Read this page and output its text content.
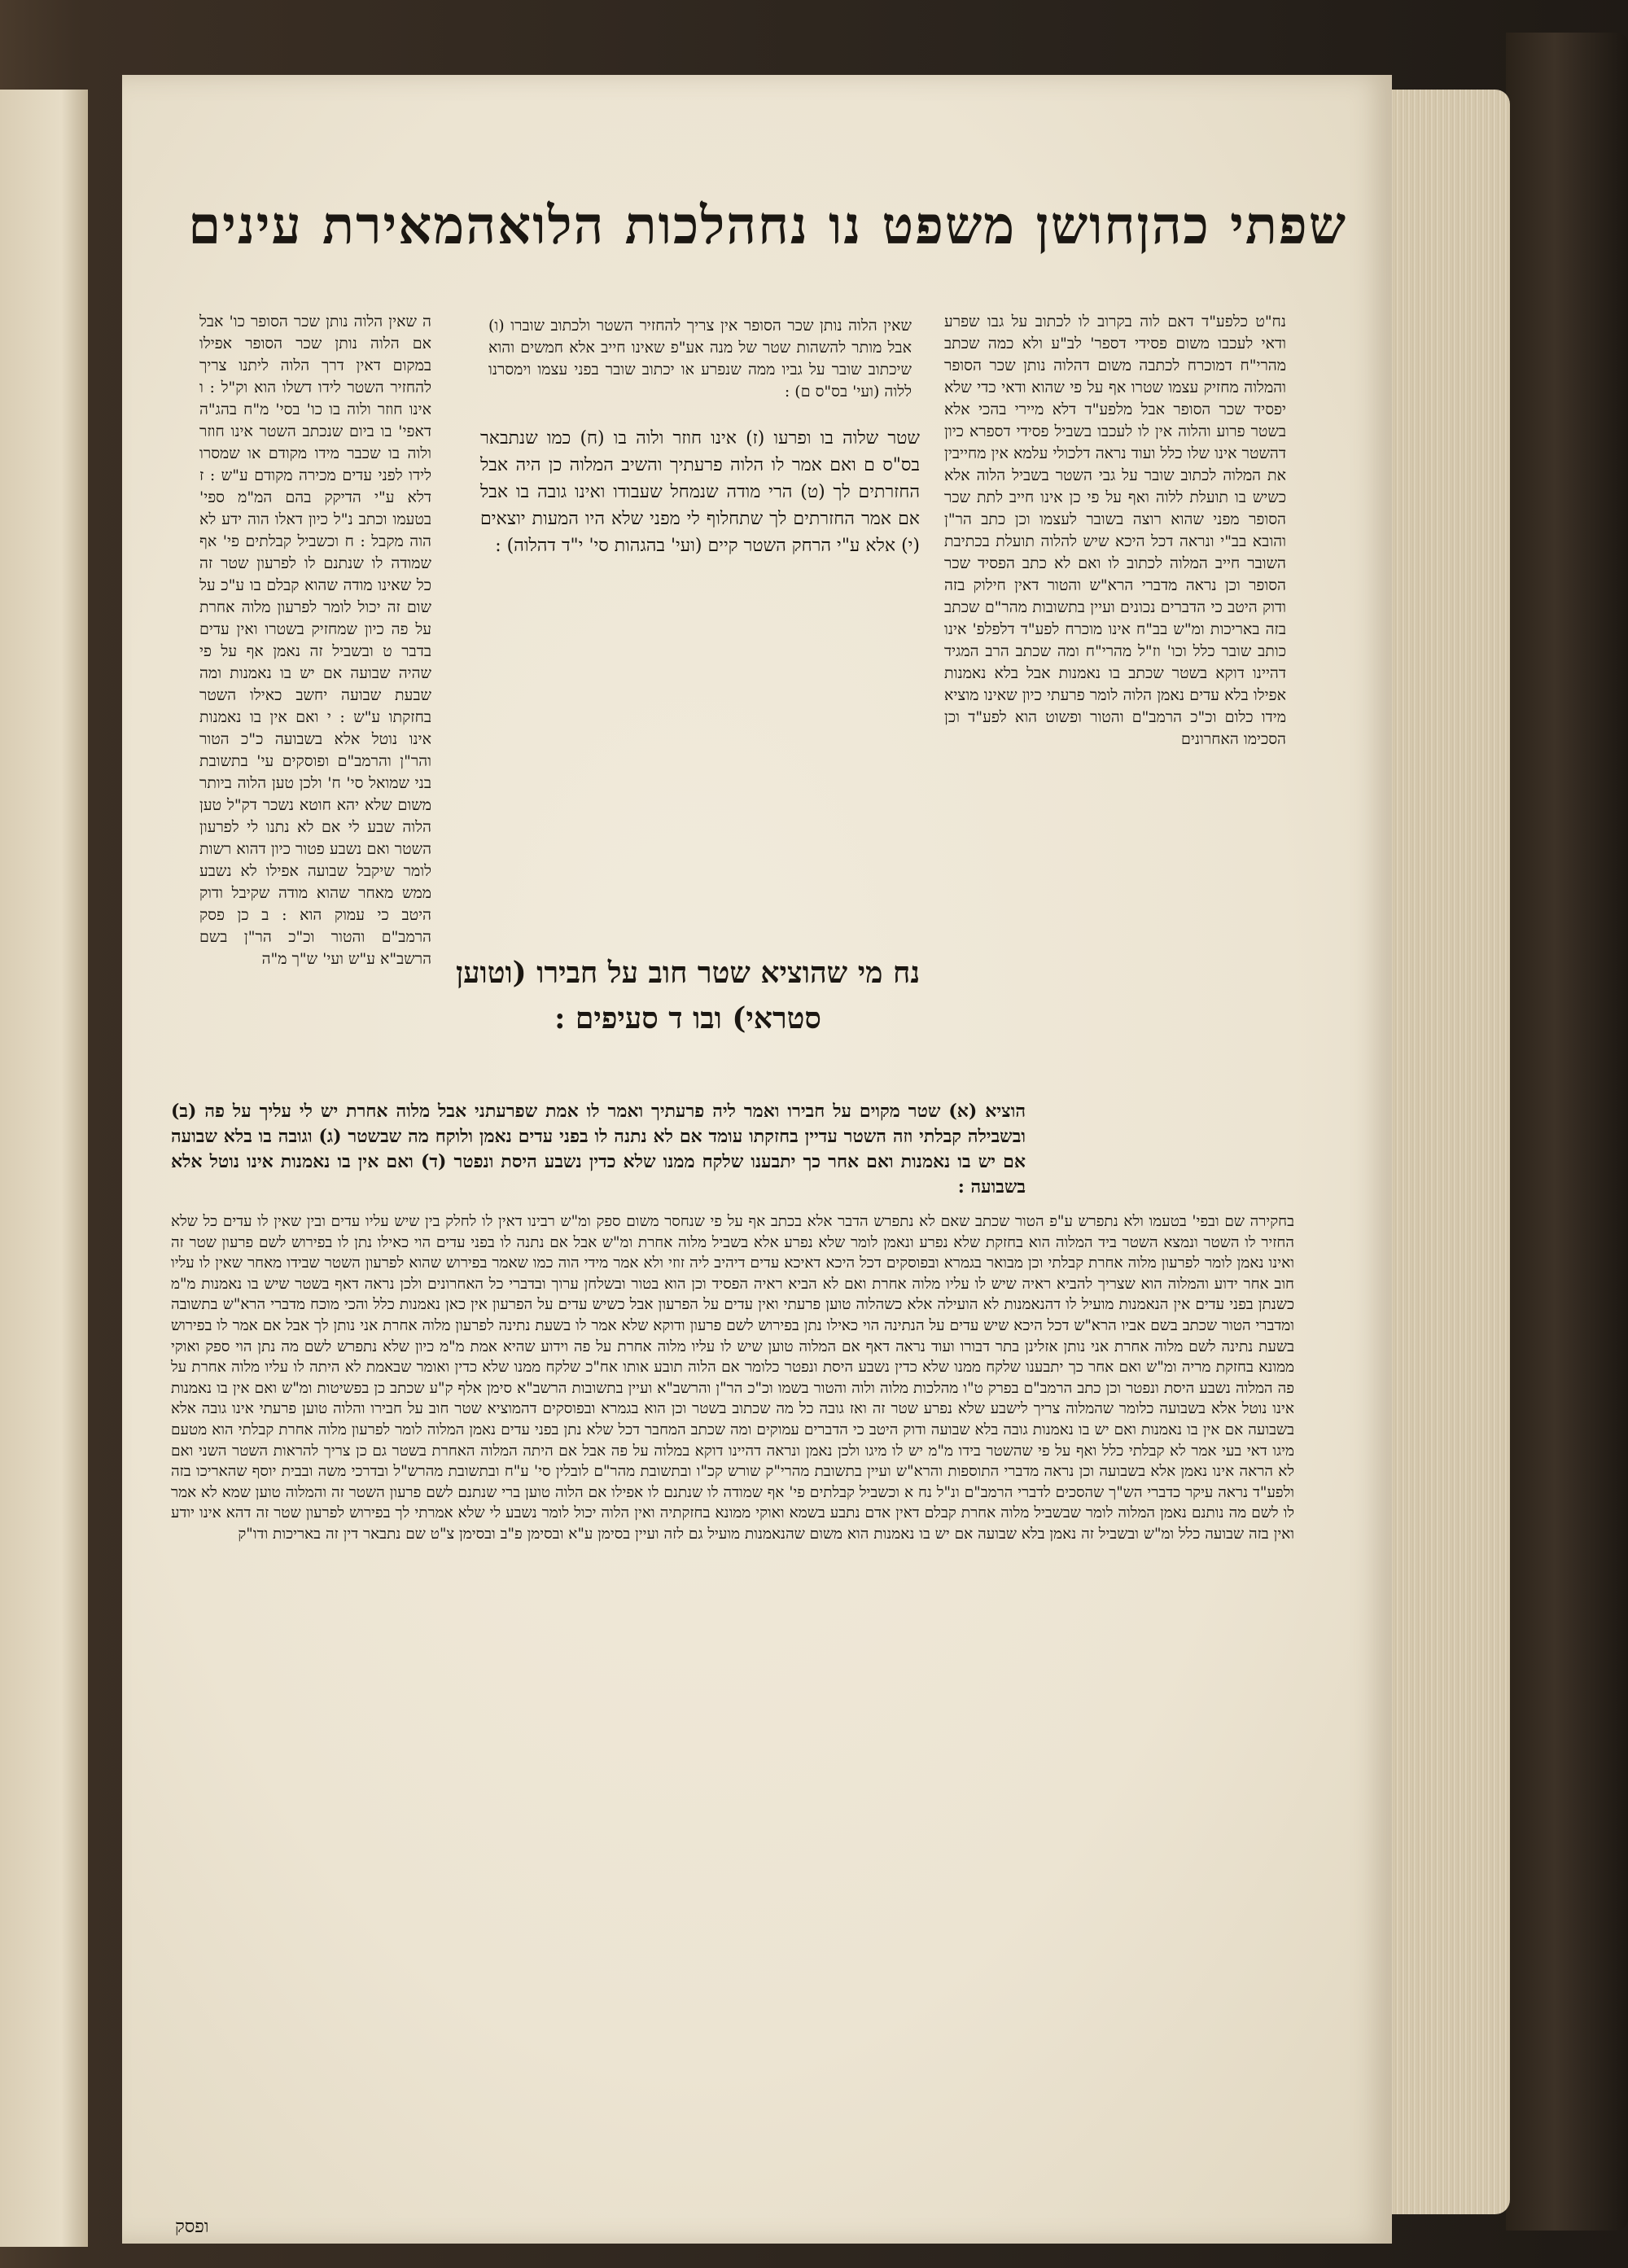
שפתי כהן
חושן משפט נו נח
הלכות הלואה
מאירת עינים
נח"ט כלפע"ד דאם לוה בקרוב לו לכתוב על גבו שפרע ודאי לעכבו משום פסידי דספר' לב"ע ולא כמה שכתב מהרי"ח דמוכרח לכתבה משום דהלוה נותן שכר הסופר והמלוה מחזיק עצמו שטרו אף על פי שהוא ודאי כדי שלא יפסיד שכר הסופר אבל מלפע"ד דלא מיירי בהכי אלא בשטר פרוע והלוה אין לו לעכבו בשביל פסידי דספרא כיון דהשטר אינו שלו כלל ועוד נראה דלכולי עלמא אין מחייבין את המלוה לכתוב שובר על גבי השטר בשביל הלוה אלא כשיש בו תועלת ללוה ואף על פי כן אינו חייב לתת שכר הסופר מפני שהוא רוצה בשובר לעצמו וכן כתב הר"ן והובא בב"י ונראה דכל היכא שיש להלוה תועלת בכתיבת השובר חייב המלוה לכתוב לו ואם לא כתב הפסיד שכר הסופר וכן נראה מדברי הרא"ש והטור דאין חילוק בזה ודוק היטב כי הדברים נכונים ועיין בתשובות מהר"ם שכתב בזה באריכות ומ"ש בב"ח אינו מוכרח לפע"ד דלפלפ' אינו כותב שובר כלל וכו' וז"ל מהרי"ח ומה שכתב הרב המגיד דהיינו דוקא בשטר שכתב בו נאמנות אבל בלא נאמנות אפילו בלא עדים נאמן הלוה לומר פרעתי כיון שאינו מוציא מידו כלום וכ"כ הרמב"ם והטור ופשוט הוא לפע"ד וכן הסכימו האחרונים
ה שאין הלוה נותן שכר הסופר כו' אבל אם הלוה נותן שכר הסופר אפילו במקום דאין דרך הלוה ליתנו צריך להחזיר השטר לידו דשלו הוא וק"ל : ו אינו חוזר ולוה בו כו' בסי' מ"ח בהג"ה דאפי' בו ביום שנכתב השטר אינו חוזר ולוה בו שכבר מידו מקודם או שמסרו לידו לפני עדים מכירה מקודם ע"ש : ז דלא ע"י הדיקק בהם המ"מ ספי' בטעמו וכתב נ"ל כיון דאלו הוה ידע לא הוה מקבל : ח וכשביל קבלתים פי' אף שמודה לו שנתנם לו לפרעון שטר זה כל שאינו מודה שהוא קבלם בו ע"כ על שום זה יכול לומר לפרעון מלוה אחרת על פה כיון שמחזיק בשטרו ואין עדים בדבר ט ובשביל זה נאמן אף על פי שהיה שבועה אם יש בו נאמנות ומה שבעת שבועה יחשב כאילו השטר בחזקתו ע"ש : י ואם אין בו נאמנות אינו נוטל אלא בשבועה כ"כ הטור והר"ן והרמב"ם ופוסקים עי' בתשובת בני שמואל סי' ח' ולכן טען הלוה ביותר משום שלא יהא חוטא נשכר דק"ל טען הלוה שבע לי אם לא נתנו לי לפרעון השטר ואם נשבע פטור כיון דהוא רשות לומר שיקבל שבועה אפילו לא נשבע ממש מאחר שהוא מודה שקיבל ודוק היטב כי עמוק הוא : ב כן פסק הרמב"ם והטור וכ"כ הר"ן בשם הרשב"א ע"ש ועי' ש"ך מ"ה
שאין הלוה נותן שכר הסופר אין צריך להחזיר השטר ולכתוב שוברו (ו) אבל מותר להשהות שטר של מנה אע"פ שאינו חייב אלא חמשים והוא שיכתוב שובר על גביו ממה שנפרע או יכתוב שובר בפני עצמו וימסרנו ללוה (ועי' בס"ס ם) :
שטר שלוה בו ופרעו (ז) אינו חוזר ולוה בו (ח) כמו שנתבאר בס"ס ם ואם אמר לו הלוה פרעתיך והשיב המלוה כן היה אבל החזרתים לך (ט) הרי מודה שנמחל שעבודו ואינו גובה בו אבל אם אמר החזרתים לך שתחלוף לי מפני שלא היו המעות יוצאים (י) אלא ע"י הרחק השטר קיים (ועי' בהגהות סי' י"ד דהלוה) :
נח מי שהוציא שטר חוב על חבירו (וטוען סטראי) ובו ד סעיפים :
הוציא (א) שטר מקוים על חבירו ואמר ליה פרעתיך ואמר לו אמת שפרעתני אבל מלוה אחרת יש לי עליך על פה (ב) ובשבילה קבלתי וזה השטר עדיין בחזקתו עומד אם לא נתנה לו בפני עדים נאמן ולוקח מה שבשטר (ג) וגובה בו בלא שבועה אם יש בו נאמנות ואם אחר כך יתבענו שלקח ממנו שלא כדין נשבע היסת ונפטר (ד) ואם אין בו נאמנות אינו נוטל אלא בשבועה :
בחקירה שם ובפי' בטעמו ולא נתפרש ע"פ הטור שכתב שאם לא נתפרש הדבר אלא בכתב אף על פי שנחסר משום ספק ומ"ש רבינו דאין לו לחלק בין שיש עליו עדים ובין שאין לו עדים כל שלא החזיר לו השטר ונמצא השטר ביד המלוה הוא בחזקת שלא נפרע ונאמן לומר שלא נפרע אלא בשביל מלוה אחרת ומ"ש אבל אם נתנה לו בפני עדים הוי כאילו נתן לו בפירוש לשם פרעון שטר זה ואינו נאמן לומר לפרעון מלוה אחרת קבלתי וכן מבואר בגמרא ובפוסקים דכל היכא דאיכא עדים דיהיב ליה זוזי ולא אמר מידי הוה כמו שאמר בפירוש שהוא לפרעון השטר שבידו מאחר שאין לו עליו חוב אחר ידוע והמלוה הוא שצריך להביא ראיה שיש לו עליו מלוה אחרת ואם לא הביא ראיה הפסיד וכן הוא בטור ובשלחן ערוך ובדברי כל האחרונים ולכן נראה דאף בשטר שיש בו נאמנות מ"מ כשנתן בפני עדים אין הנאמנות מועיל לו דהנאמנות לא הועילה אלא כשהלוה טוען פרעתי ואין עדים על הפרעון אבל כשיש עדים על הפרעון אין כאן נאמנות כלל והכי מוכח מדברי הרא"ש בתשובה ומדברי הטור שכתב בשם אביו הרא"ש דכל היכא שיש עדים על הנתינה הוי כאילו נתן בפירוש לשם פרעון ודוקא שלא אמר לו בשעת נתינה לפרעון מלוה אחרת אני נותן לך אבל אם אמר לו בפירוש בשעת נתינה לשם מלוה אחרת אני נותן אזלינן בתר דבורו ועוד נראה דאף אם המלוה טוען שיש לו עליו מלוה אחרת על פה וידוע שהיא אמת מ"מ כיון שלא נתפרש לשם מה נתן הוי ספק ואוקי ממונא בחזקת מריה ומ"ש ואם אחר כך יתבענו שלקח ממנו שלא כדין נשבע היסת ונפטר כלומר אם הלוה תובע אותו אח"כ שלקח ממנו שלא כדין ואומר שבאמת לא היתה לו עליו מלוה אחרת על פה המלוה נשבע היסת ונפטר וכן כתב הרמב"ם בפרק ט"ו מהלכות מלוה ולוה והטור בשמו וכ"כ הר"ן והרשב"א ועיין בתשובות הרשב"א סימן אלף ק"ע שכתב כן בפשיטות ומ"ש ואם אין בו נאמנות אינו נוטל אלא בשבועה כלומר שהמלוה צריך לישבע שלא נפרע שטר זה ואז גובה כל מה שכתוב בשטר וכן הוא בגמרא ובפוסקים דהמוציא שטר חוב על חבירו והלוה טוען פרעתי אינו גובה אלא בשבועה אם אין בו נאמנות ואם יש בו נאמנות גובה בלא שבועה ודוק היטב כי הדברים עמוקים ומה שכתב המחבר דכל שלא נתן בפני עדים נאמן המלוה לומר לפרעון מלוה אחרת קבלתי הוא מטעם מיגו דאי בעי אמר לא קבלתי כלל ואף על פי שהשטר בידו מ"מ יש לו מיגו ולכן נאמן ונראה דהיינו דוקא במלוה על פה אבל אם היתה המלוה האחרת בשטר גם כן צריך להראות השטר השני ואם לא הראה אינו נאמן אלא בשבועה וכן נראה מדברי התוספות והרא"ש ועיין בתשובת מהרי"ק שורש קכ"ו ובתשובת מהר"ם לובלין סי' ע"ח ובתשובת מהרש"ל ובדרכי משה ובבית יוסף שהאריכו בזה ולפע"ד נראה עיקר כדברי הש"ך שהסכים לדברי הרמב"ם ונ"ל נח א וכשביל קבלתים פי' אף שמודה לו שנתנם לו אפילו אם הלוה טוען ברי שנתנם לשם פרעון השטר זה והמלוה טוען שמא לא אמר לו לשם מה נותנם נאמן המלוה לומר שבשביל מלוה אחרת קבלם דאין אדם נתבע בשמא ואוקי ממונא בחזקתיה ואין הלוה יכול לומר נשבע לי שלא אמרתי לך בפירוש לפרעון שטר זה דהא אינו יודע ואין בזה שבועה כלל ומ"ש ובשביל זה נאמן בלא שבועה אם יש בו נאמנות הוא משום שהנאמנות מועיל גם לזה ועיין בסימן ע"א ובסימן פ"ב ובסימן צ"ט שם נתבאר דין זה באריכות ודו"ק
ופסק
